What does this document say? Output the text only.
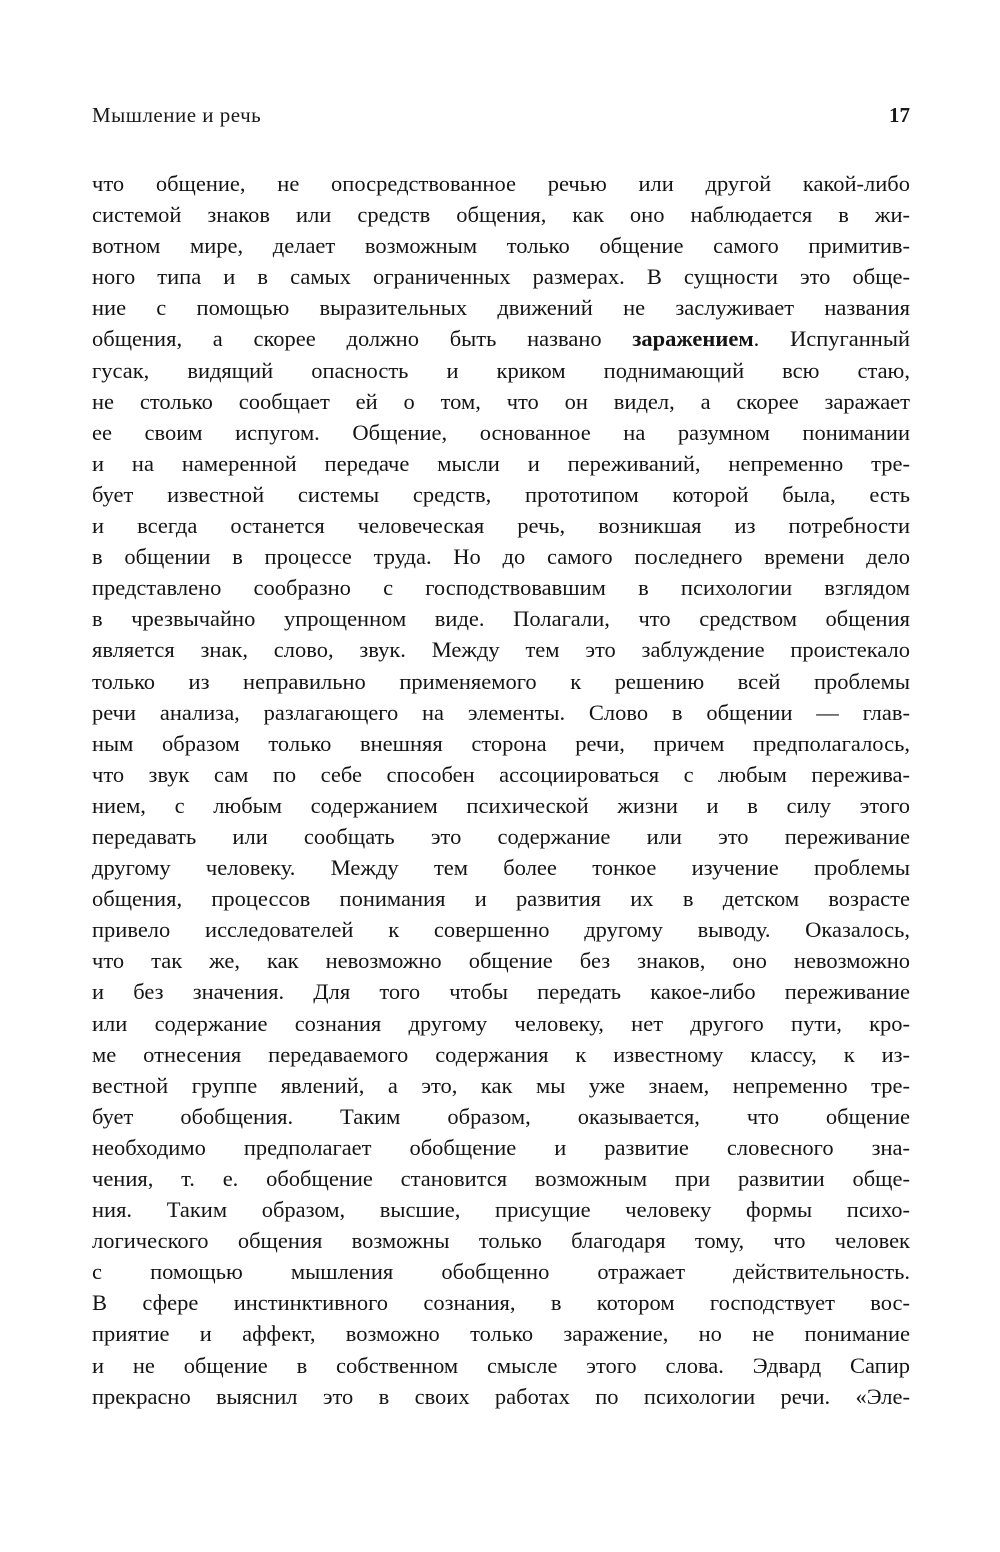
Мышление и речь	17
что общение, не опосредствованное речью или другой какой-либо
системой знаков или средств общения, как оно наблюдается в жи-
вотном мире, делает возможным только общение самого примитив-
ного типа и в самых ограниченных размерах. В сущности это обще-
ние с помощью выразительных движений не заслуживает названия
общения, а скорее должно быть названо заражением. Испуганный
гусак, видящий опасность и криком поднимающий всю стаю,
не столько сообщает ей о том, что он видел, а скорее заражает
ее своим испугом. Общение, основанное на разумном понимании
и на намеренной передаче мысли и переживаний, непременно тре-
бует известной системы средств, прототипом которой была, есть
и всегда останется человеческая речь, возникшая из потребности
в общении в процессе труда. Но до самого последнего времени дело
представлено сообразно с господствовавшим в психологии взглядом
в чрезвычайно упрощенном виде. Полагали, что средством общения
является знак, слово, звук. Между тем это заблуждение проистекало
только из неправильно применяемого к решению всей проблемы
речи анализа, разлагающего на элементы. Слово в общении — глав-
ным образом только внешняя сторона речи, причем предполагалось,
что звук сам по себе способен ассоциироваться с любым пережива-
нием, с любым содержанием психической жизни и в силу этого
передавать или сообщать это содержание или это переживание
другому человеку. Между тем более тонкое изучение проблемы
общения, процессов понимания и развития их в детском возрасте
привело исследователей к совершенно другому выводу. Оказалось,
что так же, как невозможно общение без знаков, оно невозможно
и без значения. Для того чтобы передать какое-либо переживание
или содержание сознания другому человеку, нет другого пути, кро-
ме отнесения передаваемого содержания к известному классу, к из-
вестной группе явлений, а это, как мы уже знаем, непременно тре-
бует обобщения. Таким образом, оказывается, что общение
необходимо предполагает обобщение и развитие словесного зна-
чения, т. е. обобщение становится возможным при развитии обще-
ния. Таким образом, высшие, присущие человеку формы психо-
логического общения возможны только благодаря тому, что человек
с помощью мышления обобщенно отражает действительность.
В сфере инстинктивного сознания, в котором господствует вос-
приятие и аффект, возможно только заражение, но не понимание
и не общение в собственном смысле этого слова. Эдвард Сапир
прекрасно выяснил это в своих работах по психологии речи. «Эле-
